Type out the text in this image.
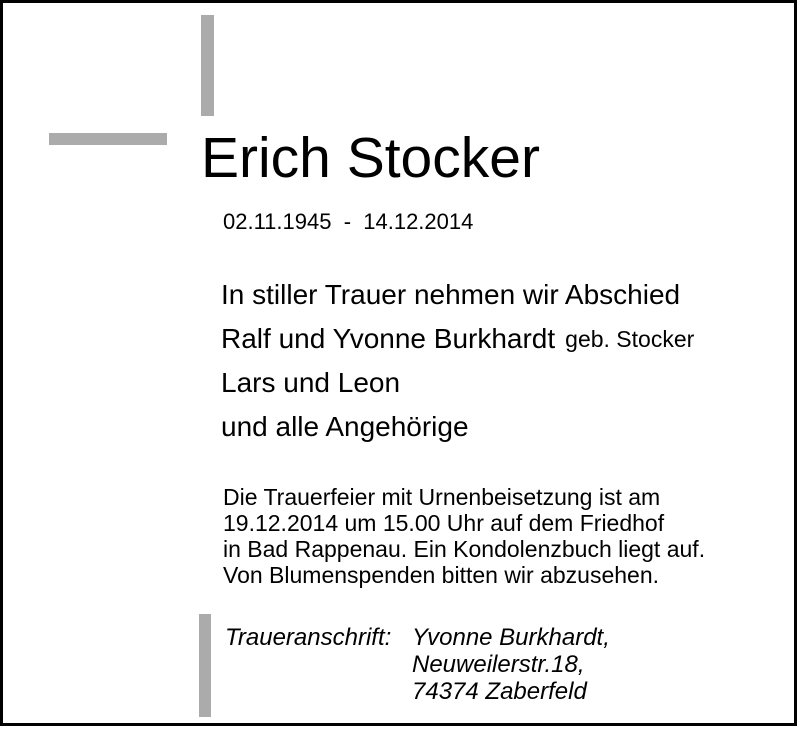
Erich Stocker
02.11.1945  -  14.12.2014
In stiller Trauer nehmen wir Abschied
Ralf und Yvonne Burkhardt geb. Stocker
Lars und Leon
und alle Angehörige
Die Trauerfeier mit Urnenbeisetzung ist am
19.12.2014 um 15.00 Uhr auf dem Friedhof
in Bad Rappenau. Ein Kondolenzbuch liegt auf.
Von Blumenspenden bitten wir abzusehen.
Traueranschrift: Yvonne Burkhardt,
Neuweilerstr.18,
74374 Zaberfeld
